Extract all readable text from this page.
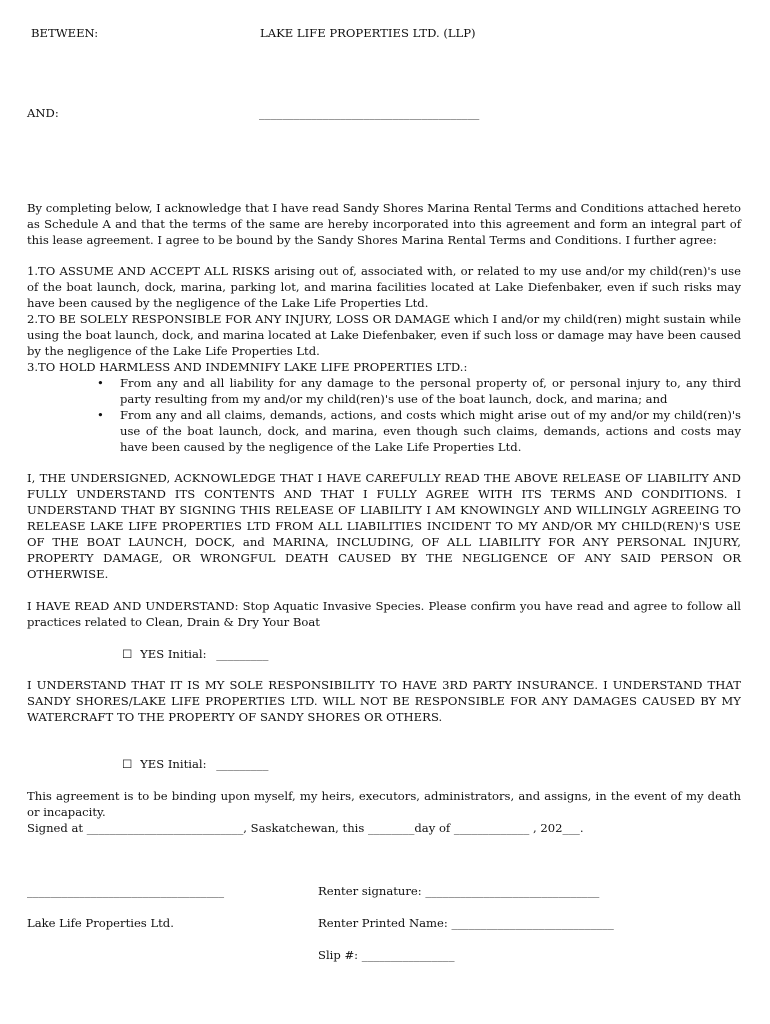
BETWEEN:	LAKE LIFE PROPERTIES LTD. (LLP)
AND:	______________________________________
By completing below, I acknowledge that I have read Sandy Shores Marina Rental Terms and Conditions attached hereto as Schedule A and that the terms of the same are hereby incorporated into this agreement and form an integral part of this lease agreement. I agree to be bound by the Sandy Shores Marina Rental Terms and Conditions. I further agree:
1.TO ASSUME AND ACCEPT ALL RISKS arising out of, associated with, or related to my use and/or my child(ren)'s use of the boat launch, dock, marina, parking lot, and marina facilities located at Lake Diefenbaker, even if such risks may have been caused by the negligence of the Lake Life Properties Ltd.
2.TO BE SOLELY RESPONSIBLE FOR ANY INJURY, LOSS OR DAMAGE which I and/or my child(ren) might sustain while using the boat launch, dock, and marina located at Lake Diefenbaker, even if such loss or damage may have been caused by the negligence of the Lake Life Properties Ltd.
3.TO HOLD HARMLESS AND INDEMNIFY LAKE LIFE PROPERTIES LTD.:
• From any and all liability for any damage to the personal property of, or personal injury to, any third party resulting from my and/or my child(ren)'s use of the boat launch, dock, and marina; and
• From any and all claims, demands, actions, and costs which might arise out of my and/or my child(ren)'s use of the boat launch, dock, and marina, even though such claims, demands, actions and costs may have been caused by the negligence of the Lake Life Properties Ltd.
I, THE UNDERSIGNED, ACKNOWLEDGE THAT I HAVE CAREFULLY READ THE ABOVE RELEASE OF LIABILITY AND FULLY UNDERSTAND ITS CONTENTS AND THAT I FULLY AGREE WITH ITS TERMS AND CONDITIONS. I UNDERSTAND THAT BY SIGNING THIS RELEASE OF LIABILITY I AM KNOWINGLY AND WILLINGLY AGREEING TO RELEASE LAKE LIFE PROPERTIES LTD FROM ALL LIABILITIES INCIDENT TO MY AND/OR MY CHILD(REN)'S USE OF THE BOAT LAUNCH, DOCK, and MARINA, INCLUDING, OF ALL LIABILITY FOR ANY PERSONAL INJURY, PROPERTY DAMAGE, OR WRONGFUL DEATH CAUSED BY THE NEGLIGENCE OF ANY SAID PERSON OR OTHERWISE.
I HAVE READ AND UNDERSTAND: Stop Aquatic Invasive Species. Please confirm you have read and agree to follow all practices related to Clean, Drain & Dry Your Boat
☐ YES Initial: _________
I UNDERSTAND THAT IT IS MY SOLE RESPONSIBILITY TO HAVE 3RD PARTY INSURANCE. I UNDERSTAND THAT SANDY SHORES/LAKE LIFE PROPERTIES LTD. WILL NOT BE RESPONSIBLE FOR ANY DAMAGES CAUSED BY MY WATERCRAFT TO THE PROPERTY OF SANDY SHORES OR OTHERS.
☐ YES Initial: _________
This agreement is to be binding upon myself, my heirs, executors, administrators, and assigns, in the event of my death or incapacity.
Signed at ___________________________, Saskatchewan, this ________day of _____________ , 202___.
__________________________________	Renter signature: ______________________________
Lake Life Properties Ltd.	Renter Printed Name: ____________________________
Slip #: ________________
